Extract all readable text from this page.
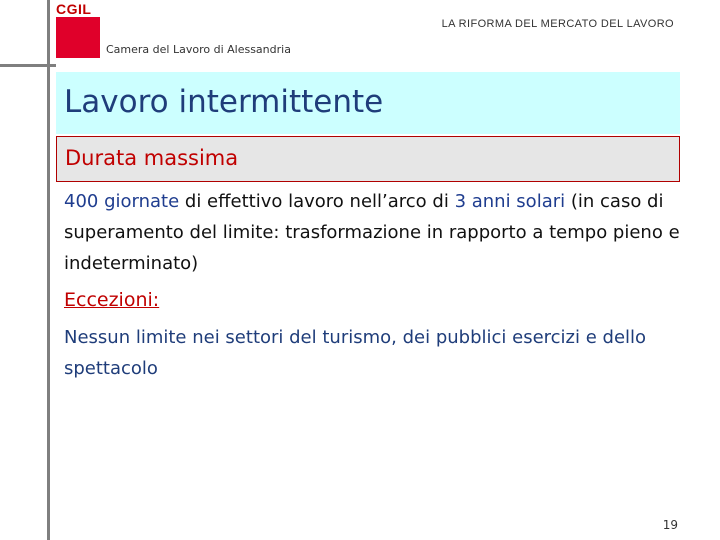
CGIL
Camera del Lavoro di Alessandria
LA RIFORMA DEL MERCATO DEL LAVORO
Lavoro intermittente
Durata massima
400 giornate di effettivo lavoro nell’arco di 3 anni solari (in caso di superamento del limite: trasformazione in rapporto a tempo pieno e indeterminato)
Eccezioni:
Nessun limite nei settori del turismo, dei pubblici esercizi e dello spettacolo
19
